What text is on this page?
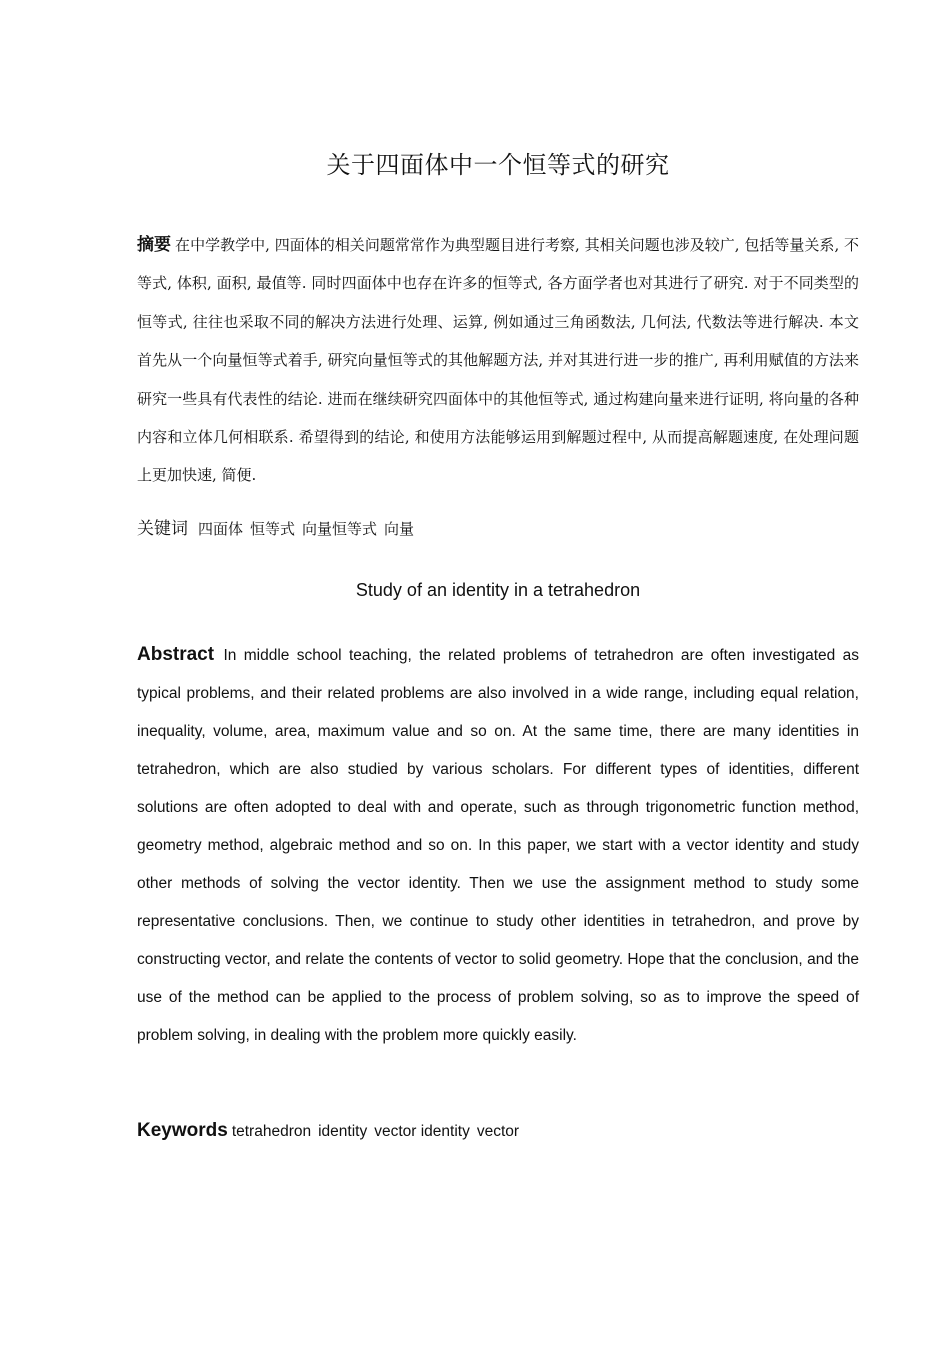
关于四面体中一个恒等式的研究

摘要 在中学教学中, 四面体的相关问题常常作为典型题目进行考察, 其相关问题也涉及较广, 包括等量关系, 不等式, 体积, 面积, 最值等. 同时四面体中也存在许多的恒等式, 各方面学者也对其进行了研究. 对于不同类型的恒等式, 往往也采取不同的解决方法进行处理、运算, 例如通过三角函数法, 几何法, 代数法等进行解决. 本文首先从一个向量恒等式着手, 研究向量恒等式的其他解题方法, 并对其进行进一步的推广, 再利用赋值的方法来研究一些具有代表性的结论. 进而在继续研究四面体中的其他恒等式, 通过构建向量来进行证明, 将向量的各种内容和立体几何相联系. 希望得到的结论, 和使用方法能够运用到解题过程中, 从而提高解题速度, 在处理问题上更加快速, 简便.

关键词 四面体 恒等式 向量恒等式 向量

Study of an identity in a tetrahedron

Abstract In middle school teaching, the related problems of tetrahedron are often investigated as typical problems, and their related problems are also involved in a wide range, including equal relation, inequality, volume, area, maximum value and so on. At the same time, there are many identities in tetrahedron, which are also studied by various scholars. For different types of identities, different solutions are often adopted to deal with and operate, such as through trigonometric function method, geometry method, algebraic method and so on. In this paper, we start with a vector identity and study other methods of solving the vector identity. Then we use the assignment method to study some representative conclusions. Then, we continue to study other identities in tetrahedron, and prove by constructing vector, and relate the contents of vector to solid geometry. Hope that the conclusion, and the use of the method can be applied to the process of problem solving, so as to improve the speed of problem solving, in dealing with the problem more quickly easily.

Keywords tetrahedron identity vector identity vector
